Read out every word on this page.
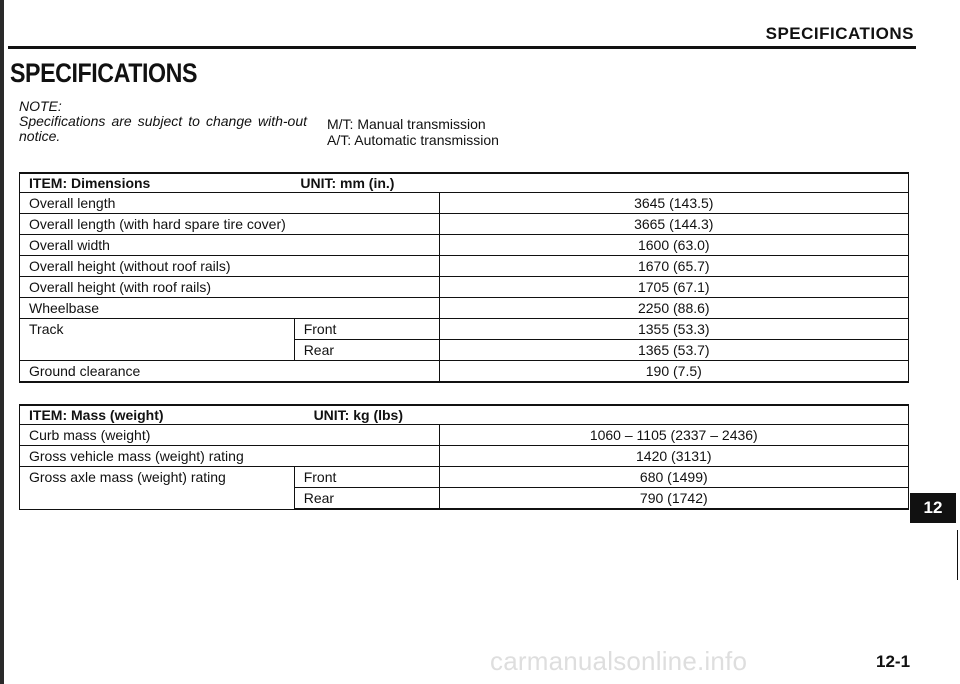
SPECIFICATIONS
SPECIFICATIONS
NOTE:
Specifications are subject to change with-out notice.
M/T: Manual transmission
A/T: Automatic transmission
ITEM: Dimensions UNIT: mm (in.)		
Overall length		3645 (143.5)
Overall length (with hard spare tire cover)		3665 (144.3)
Overall width		1600 (63.0)
Overall height (without roof rails)		1670 (65.7)
Overall height (with roof rails)		1705 (67.1)
Wheelbase		2250 (88.6)
Track	Front	1355 (53.3)
	Rear	1365 (53.7)
Ground clearance		190 (7.5)
ITEM: Mass (weight) UNIT: kg (lbs)		
Curb mass (weight)		1060 – 1105 (2337 – 2436)
Gross vehicle mass (weight) rating		1420 (3131)
Gross axle mass (weight) rating	Front	680 (1499)
	Rear	790 (1742)	12
carmanualsonline.info	12-1
